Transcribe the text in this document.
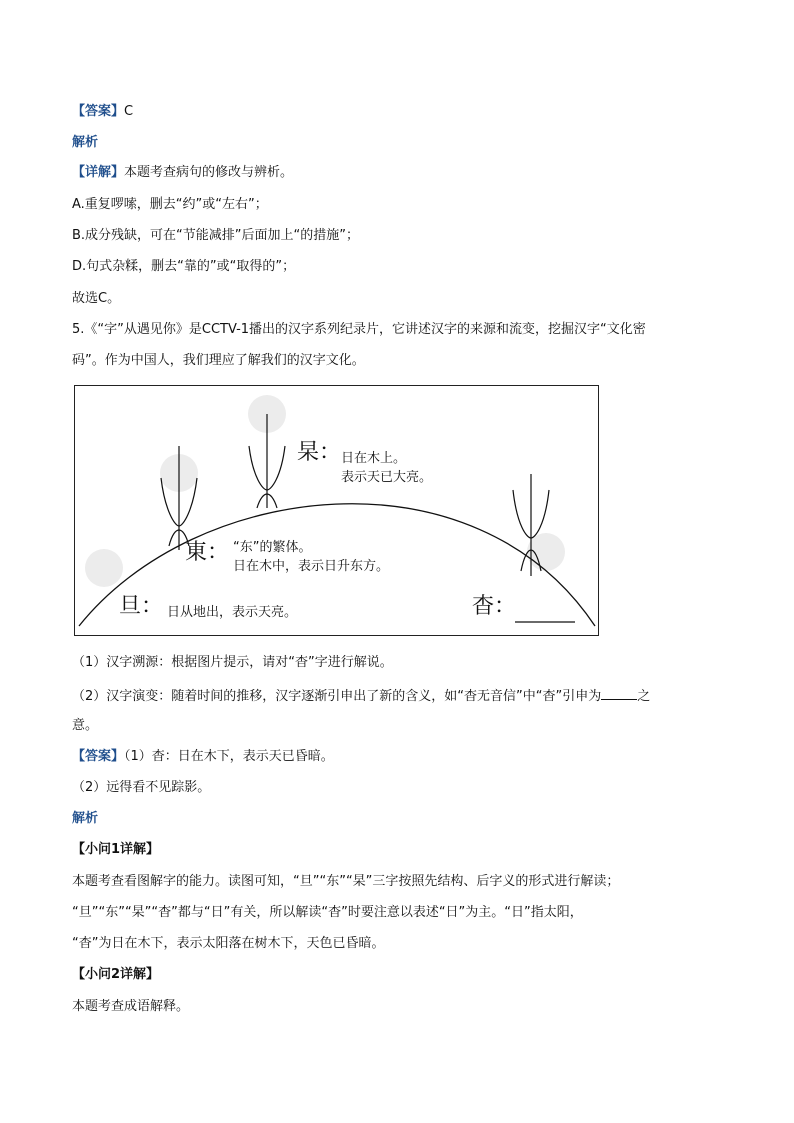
【答案】C
解析
【详解】本题考查病句的修改与辨析。
A.重复啰嗦，删去“约”或“左右”；
B.成分残缺，可在“节能减排”后面加上“的措施”；
D.句式杂糅，删去“靠的”或“取得的”；
故选C。
5.《“字”从遇见你》是CCTV-1播出的汉字系列纪录片，它讲述汉字的来源和流变，挖掘汉字“文化密
码”。作为中国人，我们理应了解我们的汉字文化。
杲： 日在木上。
表示天已大亮。
東： “东”的繁体。
日在木中，表示日升东方。
旦： 日从地出，表示天亮。	杳：
（1）汉字溯源：根据图片提示，请对“杳”字进行解说。
（2）汉字演变：随着时间的推移，汉字逐渐引申出了新的含义，如“杳无音信”中“杳”引申为	之
意。
【答案】（1）杳：日在木下，表示天已昏暗。
（2）远得看不见踪影。
解析
【小问1详解】
本题考查看图解字的能力。读图可知，“旦”“东”“杲”三字按照先结构、后字义的形式进行解读；
“旦”“东”“杲”“杳”都与“日”有关，所以解读“杳”时要注意以表述“日”为主。“日”指太阳，
“杳”为日在木下，表示太阳落在树木下，天色已昏暗。
【小问2详解】
本题考查成语解释。
